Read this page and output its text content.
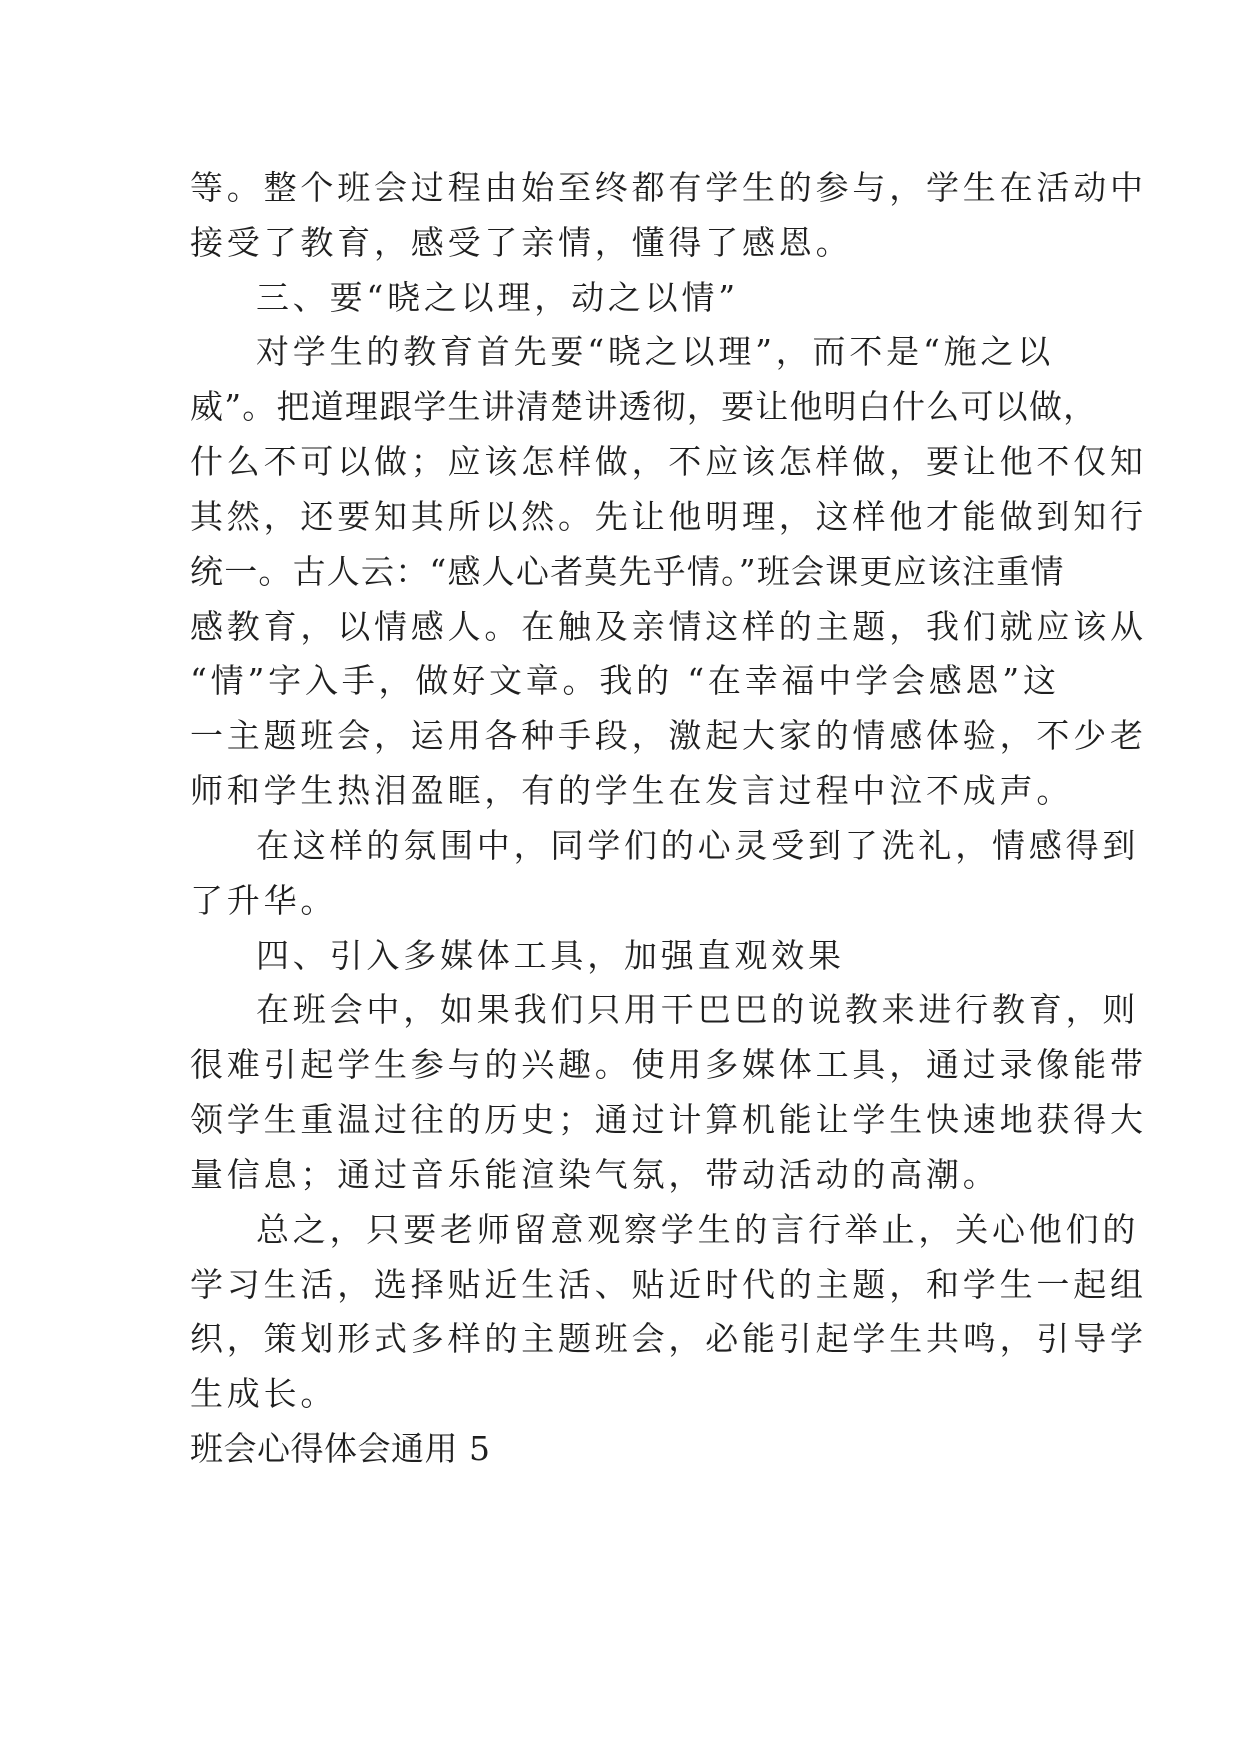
等。整个班会过程由始至终都有学生的参与，学生在活动中
接受了教育，感受了亲情，懂得了感恩。
三、要“晓之以理，动之以情”
对学生的教育首先要“晓之以理”，而不是“施之以
威”。把道理跟学生讲清楚讲透彻，要让他明白什么可以做，
什么不可以做；应该怎样做，不应该怎样做，要让他不仅知
其然，还要知其所以然。先让他明理，这样他才能做到知行
统一。古人云：“感人心者莫先乎情。”班会课更应该注重情
感教育，以情感人。在触及亲情这样的主题，我们就应该从
“情”字入手，做好文章。我的 “在幸福中学会感恩”这
一主题班会，运用各种手段，激起大家的情感体验，不少老
师和学生热泪盈眶，有的学生在发言过程中泣不成声。
在这样的氛围中，同学们的心灵受到了洗礼，情感得到
了升华。
四、引入多媒体工具，加强直观效果
在班会中，如果我们只用干巴巴的说教来进行教育，则
很难引起学生参与的兴趣。使用多媒体工具，通过录像能带
领学生重温过往的历史；通过计算机能让学生快速地获得大
量信息；通过音乐能渲染气氛，带动活动的高潮。
总之，只要老师留意观察学生的言行举止，关心他们的
学习生活，选择贴近生活、贴近时代的主题，和学生一起组
织，策划形式多样的主题班会，必能引起学生共鸣，引导学
生成长。
班会心得体会通用 5
